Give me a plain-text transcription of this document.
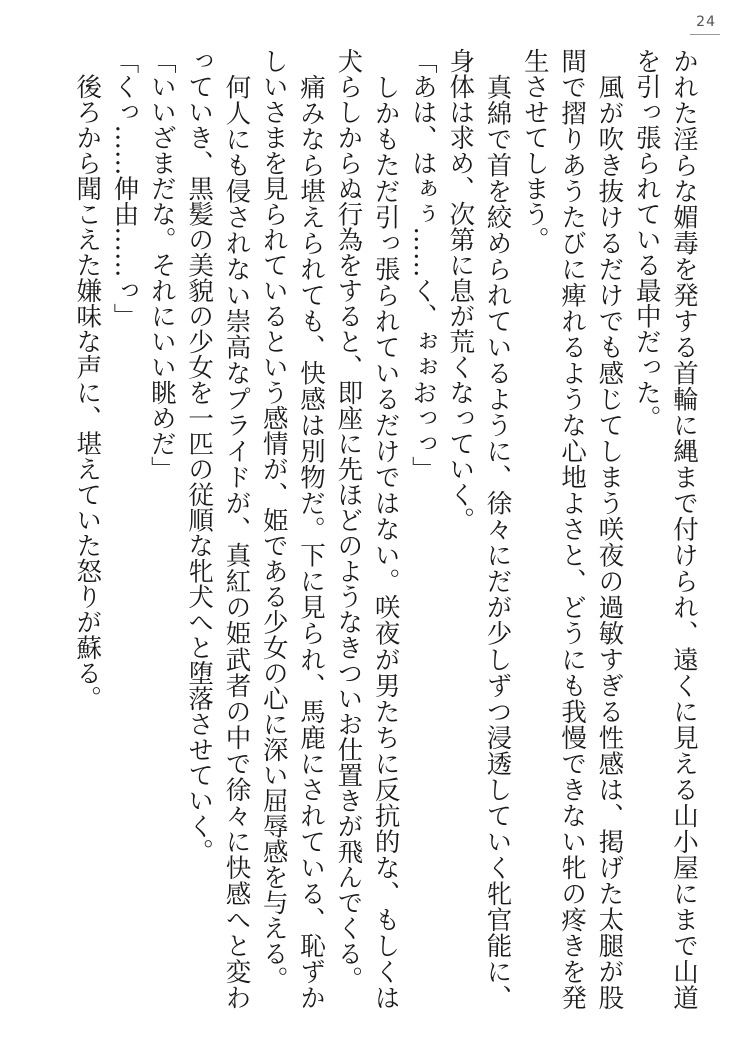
24

かれた淫らな媚毒を発する首輪に縄まで付けられ、遠くに見える山小屋にまで山道を引っ張られている最中だった。

　風が吹き抜けるだけでも感じてしまう咲夜の過敏すぎる性感は、掲げた太腿が股間で摺りあうたびに痺れるような心地よさと、どうにも我慢できない牝の疼きを発生させてしまう。

　真綿で首を絞められているように、徐々にだが少しずつ浸透していく牝官能に、身体は求め、次第に息が荒くなっていく。

「あは、はぁぅ……く、ぉぉおっっ」

　しかもただ引っ張られているだけではない。咲夜が男たちに反抗的な、もしくは犬らしからぬ行為をすると、即座に先ほどのようなきついお仕置きが飛んでくる。

　痛みなら堪えられても、快感は別物だ。下に見られ、馬鹿にされている、恥ずかしいさまを見られているという感情が、姫である少女の心に深い屈辱感を与える。

　何人にも侵されない崇高なプライドが、真紅の姫武者の中で徐々に快感へと変わっていき、黒髪の美貌の少女を一匹の従順な牝犬へと堕落させていく。

「いいざまだな。それにいい眺めだ」

「くっ……伸由……っ」

　後ろから聞こえた嫌味な声に、堪えていた怒りが蘇る。
